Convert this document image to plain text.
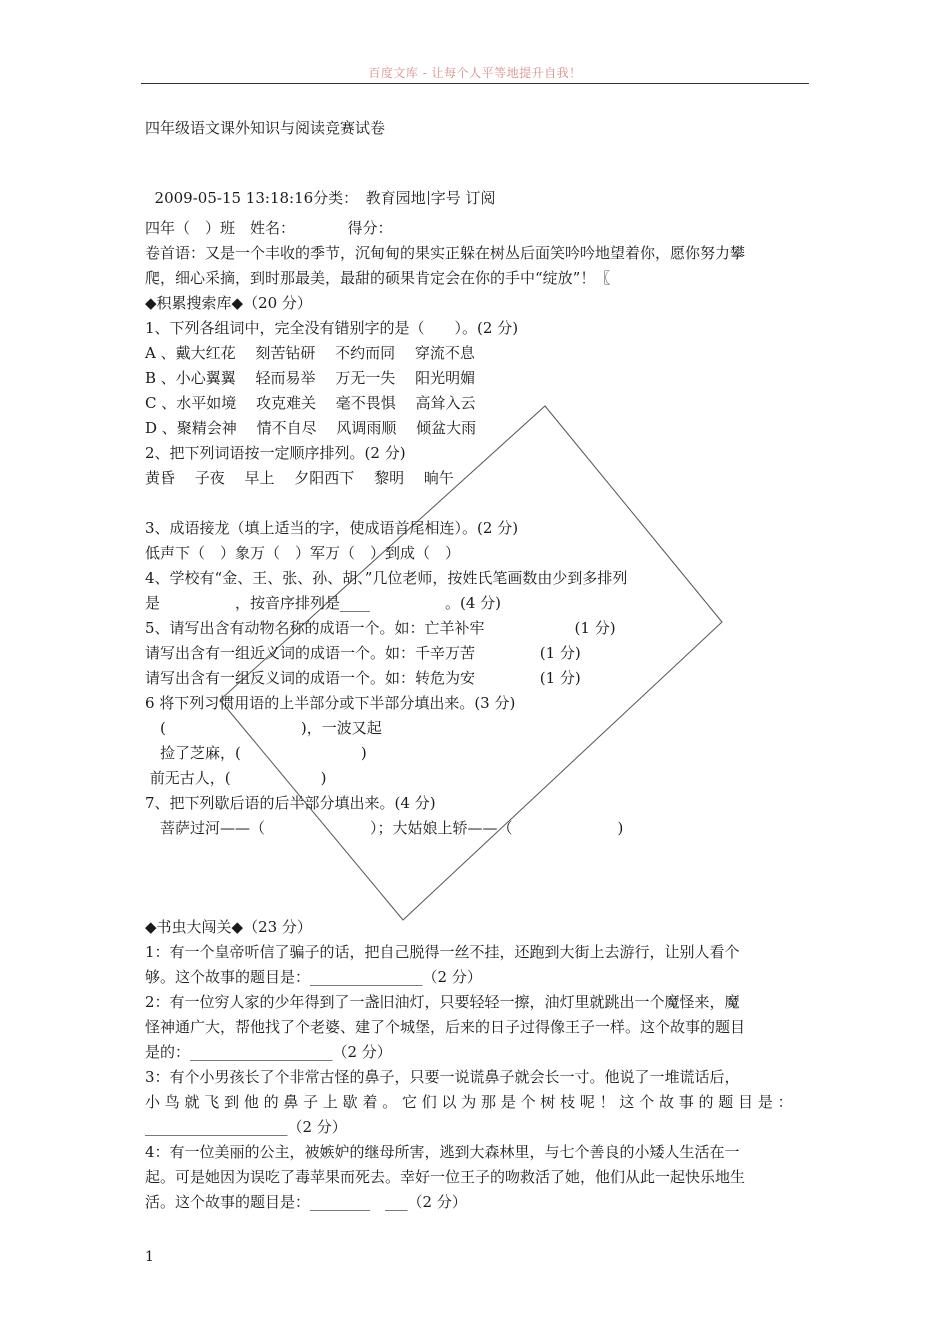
百度文库 - 让每个人平等地提升自我！
四年级语文课外知识与阅读竞赛试卷

2009-05-15 13:18:16分类：　教育园地 字号 订阅

四年（　）班　姓名：　　　　得分：
卷首语：又是一个丰收的季节，沉甸甸的果实正躲在树丛后面笑吟吟地望着你，愿你努力攀
爬，细心采摘，到时那最美，最甜的硕果肯定会在你的手中“绽放”！〖
◆积累搜索库◆（20 分）
1、下列各组词中，完全没有错别字的是（　　）。(2 分)
A 、戴大红花　 刻苦钻研　 不约而同　 穿流不息
B 、小心翼翼　 轻而易举　 万无一失　 阳光明媚
C 、水平如境　 攻克难关　 毫不畏惧　 高耸入云
D 、聚精会神　 情不自尽　 风调雨顺　 倾盆大雨
2、把下列词语按一定顺序排列。(2 分)
黄昏　 子夜　 早上　 夕阳西下　 黎明　 晌午
3、成语接龙（填上适当的字，使成语首尾相连）。(2 分)
低声下（　）象万（　）军万（　）到成（　）
4、学校有“金、王、张、孙、胡、”几位老师，按姓氏笔画数由少到多排列
是　　　　　，按音序排列是____　　　　　。(4 分)
5、请写出含有动物名称的成语一个。如：亡羊补牢　　　　　　(1 分)
请写出含有一组近义词的成语一个。如：千辛万苦　　　　 (1 分)
请写出含有一组反义词的成语一个。如：转危为安　　　　 (1 分)
6 将下列习惯用语的上半部分或下半部分填出来。(3 分)
　(　　　　　　　　　)，一波又起
　捡了芝麻，(　　　　　　　　)
前无古人，(　　　　　　)
7、把下列歇后语的后半部分填出来。(4 分)
　菩萨过河——（　　　　　　　）；大姑娘上轿——（　　　　　　　)
◆书虫大闯关◆（23 分）
1：有一个皇帝听信了骗子的话，把自己脱得一丝不挂，还跑到大街上去游行，让别人看个
够。这个故事的题目是：_______________（2 分）
2：有一位穷人家的少年得到了一盏旧油灯，只要轻轻一擦，油灯里就跳出一个魔怪来，魔
怪神通广大，帮他找了个老婆、建了个城堡，后来的日子过得像王子一样。这个故事的题目
是的：___________________（2 分）
3：有个小男孩长了个非常古怪的鼻子，只要一说谎鼻子就会长一寸。他说了一堆谎话后，
小 鸟 就 飞 到 他 的 鼻 子 上 歇 着 。 它 们 以 为 那 是 个 树 枝 呢 ！ 这 个 故 事 的 题 目 是 ：
___________________（2 分）
4：有一位美丽的公主，被嫉妒的继母所害，逃到大森林里，与七个善良的小矮人生活在一
起。可是她因为误吃了毒苹果而死去。幸好一位王子的吻救活了她，他们从此一起快乐地生
活。这个故事的题目是：________　___（2 分）
1
